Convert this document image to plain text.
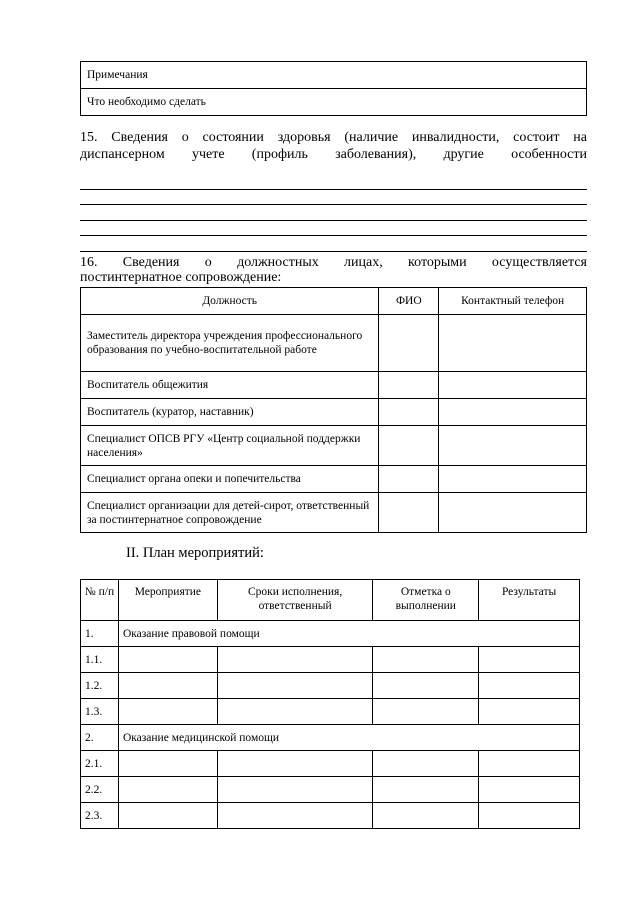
Примечания
Что необходимо сделать
15. Сведения о состоянии здоровья (наличие инвалидности, состоит на
диспансерном учете (профиль заболевания), другие особенности
16. Сведения о должностных лицах, которыми осуществляется
постинтернатное сопровождение:
Должность	ФИО	Контактный телефон
Заместитель директора учреждения профессионального образования по учебно-воспитательной работе		
Воспитатель общежития		
Воспитатель (куратор, наставник)		
Специалист ОПСВ РГУ «Центр социальной поддержки населения»		
Специалист органа опеки и попечительства		
Специалист организации для детей-сирот, ответственный за постинтернатное сопровождение		
II. План мероприятий:
№ п/п	Мероприятие	Сроки исполнения, ответственный	Отметка о выполнении	Результаты
1.	Оказание правовой помощи			
1.1.				
1.2.				
1.3.				
2.	Оказание медицинской помощи			
2.1.				
2.2.				
2.3.				
